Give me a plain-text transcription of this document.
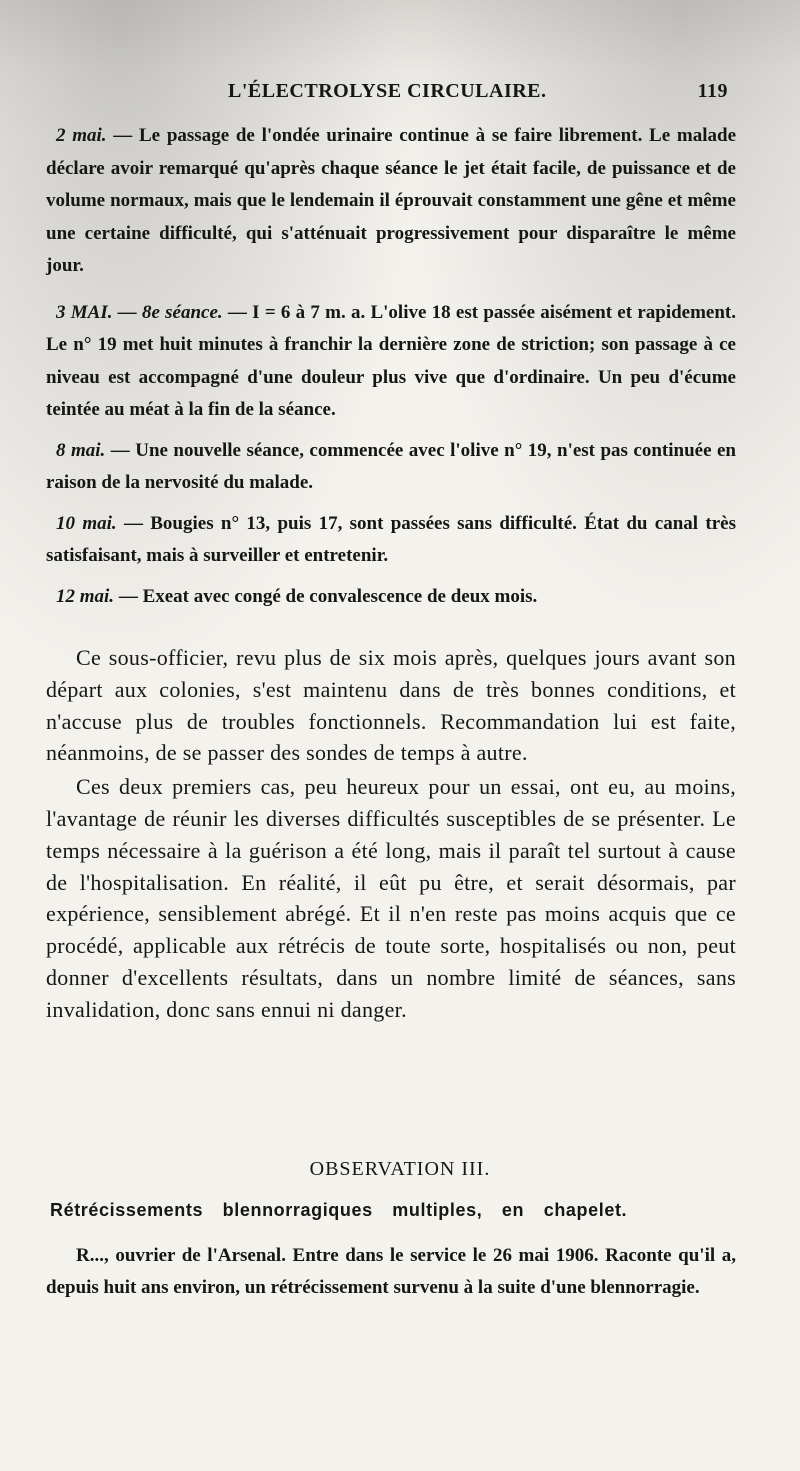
L'ÉLECTROLYSE CIRCULAIRE.	119

2 mai. — Le passage de l'ondée urinaire continue à se faire librement. Le malade déclare avoir remarqué qu'après chaque séance le jet était facile, de puissance et de volume normaux, mais que le lendemain il éprouvait constamment une gêne et même une certaine difficulté, qui s'atténuait progressivement pour disparaître le même jour.

3 MAI. — 8e séance. — I = 6 à 7 m. a. L'olive 18 est passée aisément et rapidement. Le n° 19 met huit minutes à franchir la dernière zone de striction; son passage à ce niveau est accompagné d'une douleur plus vive que d'ordinaire. Un peu d'écume teintée au méat à la fin de la séance.

8 mai. — Une nouvelle séance, commencée avec l'olive n° 19, n'est pas continuée en raison de la nervosité du malade.

10 mai. — Bougies n° 13, puis 17, sont passées sans difficulté. État du canal très satisfaisant, mais à surveiller et entretenir.

12 mai. — Exeat avec congé de convalescence de deux mois.

Ce sous-officier, revu plus de six mois après, quelques jours avant son départ aux colonies, s'est maintenu dans de très bonnes conditions, et n'accuse plus de troubles fonctionnels. Recommandation lui est faite, néanmoins, de se passer des sondes de temps à autre.

Ces deux premiers cas, peu heureux pour un essai, ont eu, au moins, l'avantage de réunir les diverses difficultés susceptibles de se présenter. Le temps nécessaire à la guérison a été long, mais il paraît tel surtout à cause de l'hospitalisation. En réalité, il eût pu être, et serait désormais, par expérience, sensiblement abrégé. Et il n'en reste pas moins acquis que ce procédé, applicable aux rétrécis de toute sorte, hospitalisés ou non, peut donner d'excellents résultats, dans un nombre limité de séances, sans invalidation, donc sans ennui ni danger.

OBSERVATION III.
Rétrécissements blennorragiques multiples, en chapelet.

R..., ouvrier de l'Arsenal. Entre dans le service le 26 mai 1906. Raconte qu'il a, depuis huit ans environ, un rétrécissement survenu à la suite d'une blennorragie.
